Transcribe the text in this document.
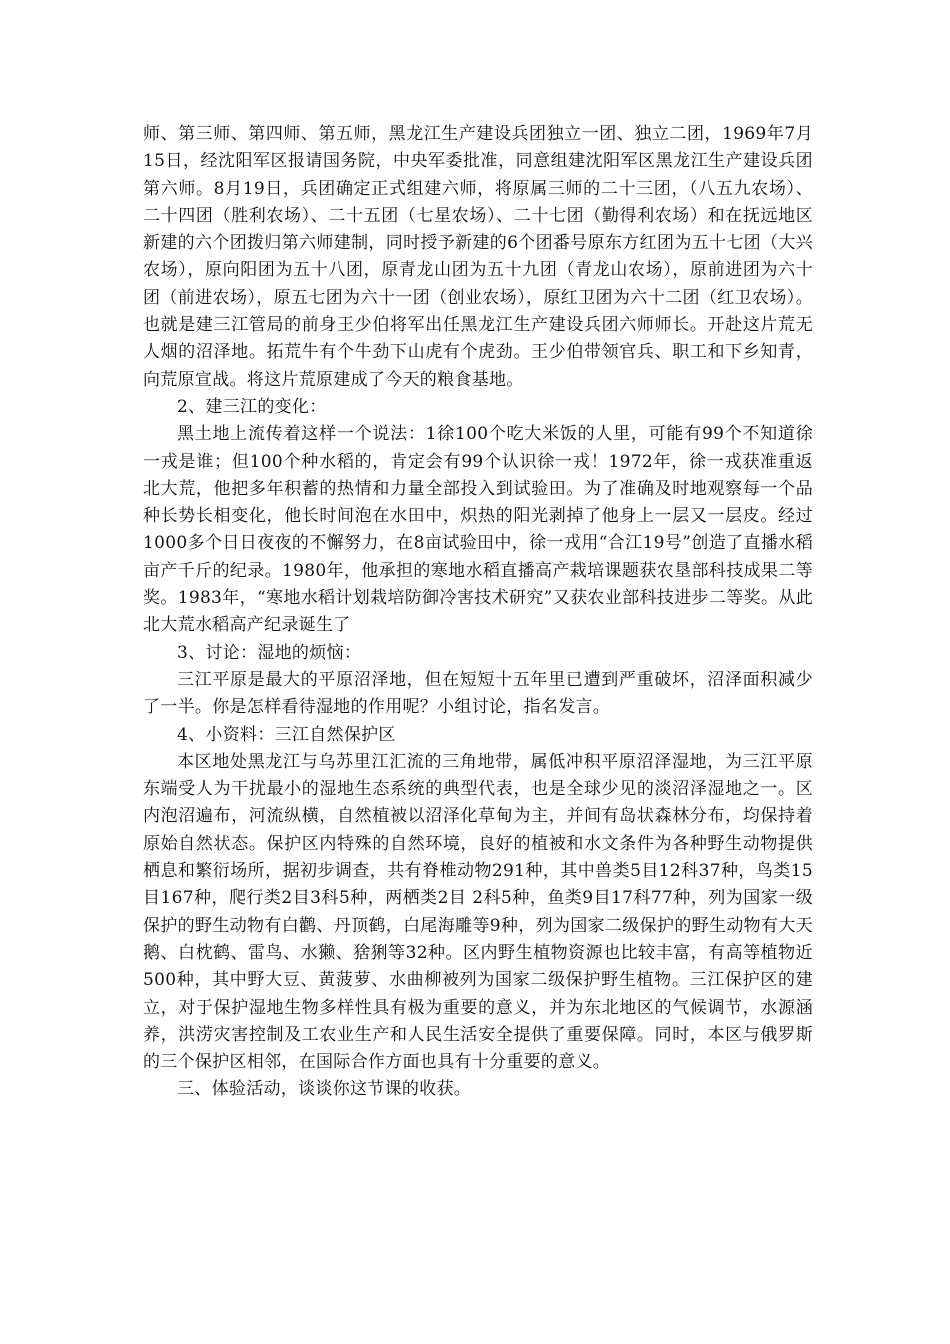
师、第三师、第四师、第五师，黑龙江生产建设兵团独立一团、独立二团，1969年7月15日，经沈阳军区报请国务院，中央军委批准，同意组建沈阳军区黑龙江生产建设兵团第六师。8月19日，兵团确定正式组建六师，将原属三师的二十三团，（八五九农场）、二十四团（胜利农场）、二十五团（七星农场）、二十七团（勤得利农场）和在抚远地区新建的六个团拨归第六师建制，同时授予新建的6个团番号原东方红团为五十七团（大兴农场），原向阳团为五十八团，原青龙山团为五十九团（青龙山农场），原前进团为六十团（前进农场），原五七团为六十一团（创业农场），原红卫团为六十二团（红卫农场）。也就是建三江管局的前身王少伯将军出任黑龙江生产建设兵团六师师长。开赴这片荒无人烟的沼泽地。拓荒牛有个牛劲下山虎有个虎劲。王少伯带领官兵、职工和下乡知青，向荒原宣战。将这片荒原建成了今天的粮食基地。

2、建三江的变化：

黑土地上流传着这样一个说法：1徐100个吃大米饭的人里，可能有99个不知道徐一戎是谁；但100个种水稻的，肯定会有99个认识徐一戎！1972年，徐一戎获准重返北大荒，他把多年积蓄的热情和力量全部投入到试验田。为了准确及时地观察每一个品种长势长相变化，他长时间泡在水田中，炽热的阳光剥掉了他身上一层又一层皮。经过1000多个日日夜夜的不懈努力，在8亩试验田中，徐一戎用“合江19号”创造了直播水稻亩产千斤的纪录。1980年，他承担的寒地水稻直播高产栽培课题获农垦部科技成果二等奖。1983年，“寒地水稻计划栽培防御冷害技术研究”又获农业部科技进步二等奖。从此北大荒水稻高产纪录诞生了

3、讨论：湿地的烦恼：

三江平原是最大的平原沼泽地，但在短短十五年里已遭到严重破坏，沼泽面积减少了一半。你是怎样看待湿地的作用呢？小组讨论，指名发言。

4、小资料：三江自然保护区

本区地处黑龙江与乌苏里江汇流的三角地带，属低冲积平原沼泽湿地，为三江平原东端受人为干扰最小的湿地生态系统的典型代表，也是全球少见的淡沼泽湿地之一。区内泡沼遍布，河流纵横，自然植被以沼泽化草甸为主，并间有岛状森林分布，均保持着原始自然状态。保护区内特殊的自然环境，良好的植被和水文条件为各种野生动物提供栖息和繁衍场所，据初步调查，共有脊椎动物291种，其中兽类5目12科37种，鸟类15目167种，爬行类2目3科5种，两栖类2目 2科5种，鱼类9目17科77种，列为国家一级保护的野生动物有白鹳、丹顶鹤，白尾海雕等9种，列为国家二级保护的野生动物有大天鹅、白枕鹤、雷鸟、水獭、猞猁等32种。区内野生植物资源也比较丰富，有高等植物近500种，其中野大豆、黄菠萝、水曲柳被列为国家二级保护野生植物。三江保护区的建立，对于保护湿地生物多样性具有极为重要的意义，并为东北地区的气候调节，水源涵养，洪涝灾害控制及工农业生产和人民生活安全提供了重要保障。同时，本区与俄罗斯的三个保护区相邻，在国际合作方面也具有十分重要的意义。

三、体验活动，谈谈你这节课的收获。
